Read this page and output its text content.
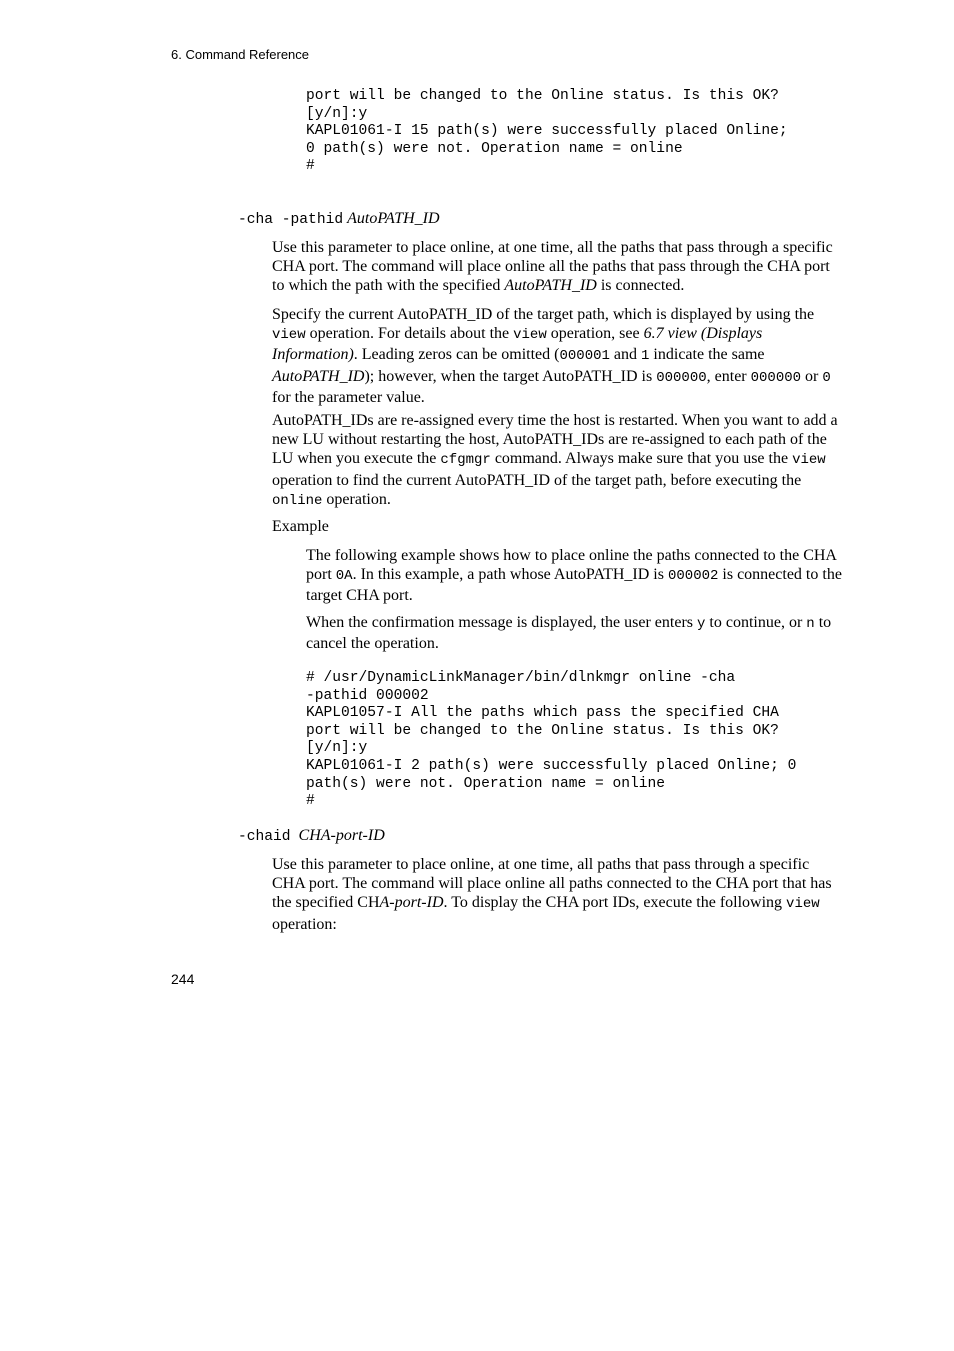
6. Command Reference
port will be changed to the Online status. Is this OK?
[y/n]:y
KAPL01061-I 15 path(s) were successfully placed Online;
0 path(s) were not. Operation name = online
#
-cha -pathid AutoPATH_ID

Use this parameter to place online, at one time, all the paths that pass through a specific CHA port. The command will place online all the paths that pass through the CHA port to which the path with the specified AutoPATH_ID is connected.

Specify the current AutoPATH_ID of the target path, which is displayed by using the view operation. For details about the view operation, see 6.7 view (Displays Information). Leading zeros can be omitted (000001 and 1 indicate the same AutoPATH_ID); however, when the target AutoPATH_ID is 000000, enter 000000 or 0 for the parameter value.

AutoPATH_IDs are re-assigned every time the host is restarted. When you want to add a new LU without restarting the host, AutoPATH_IDs are re-assigned to each path of the LU when you execute the cfgmgr command. Always make sure that you use the view operation to find the current AutoPATH_ID of the target path, before executing the online operation.

Example

The following example shows how to place online the paths connected to the CHA port 0A. In this example, a path whose AutoPATH_ID is 000002 is connected to the target CHA port.

When the confirmation message is displayed, the user enters y to continue, or n to cancel the operation.

# /usr/DynamicLinkManager/bin/dlnkmgr online -cha
-pathid 000002
KAPL01057-I All the paths which pass the specified CHA
port will be changed to the Online status. Is this OK?
[y/n]:y
KAPL01061-I 2 path(s) were successfully placed Online; 0
path(s) were not. Operation name = online
#
-chaid CHA-port-ID

Use this parameter to place online, at one time, all paths that pass through a specific CHA port. The command will place online all paths connected to the CHA port that has the specified CHA-port-ID. To display the CHA port IDs, execute the following view operation:

244
